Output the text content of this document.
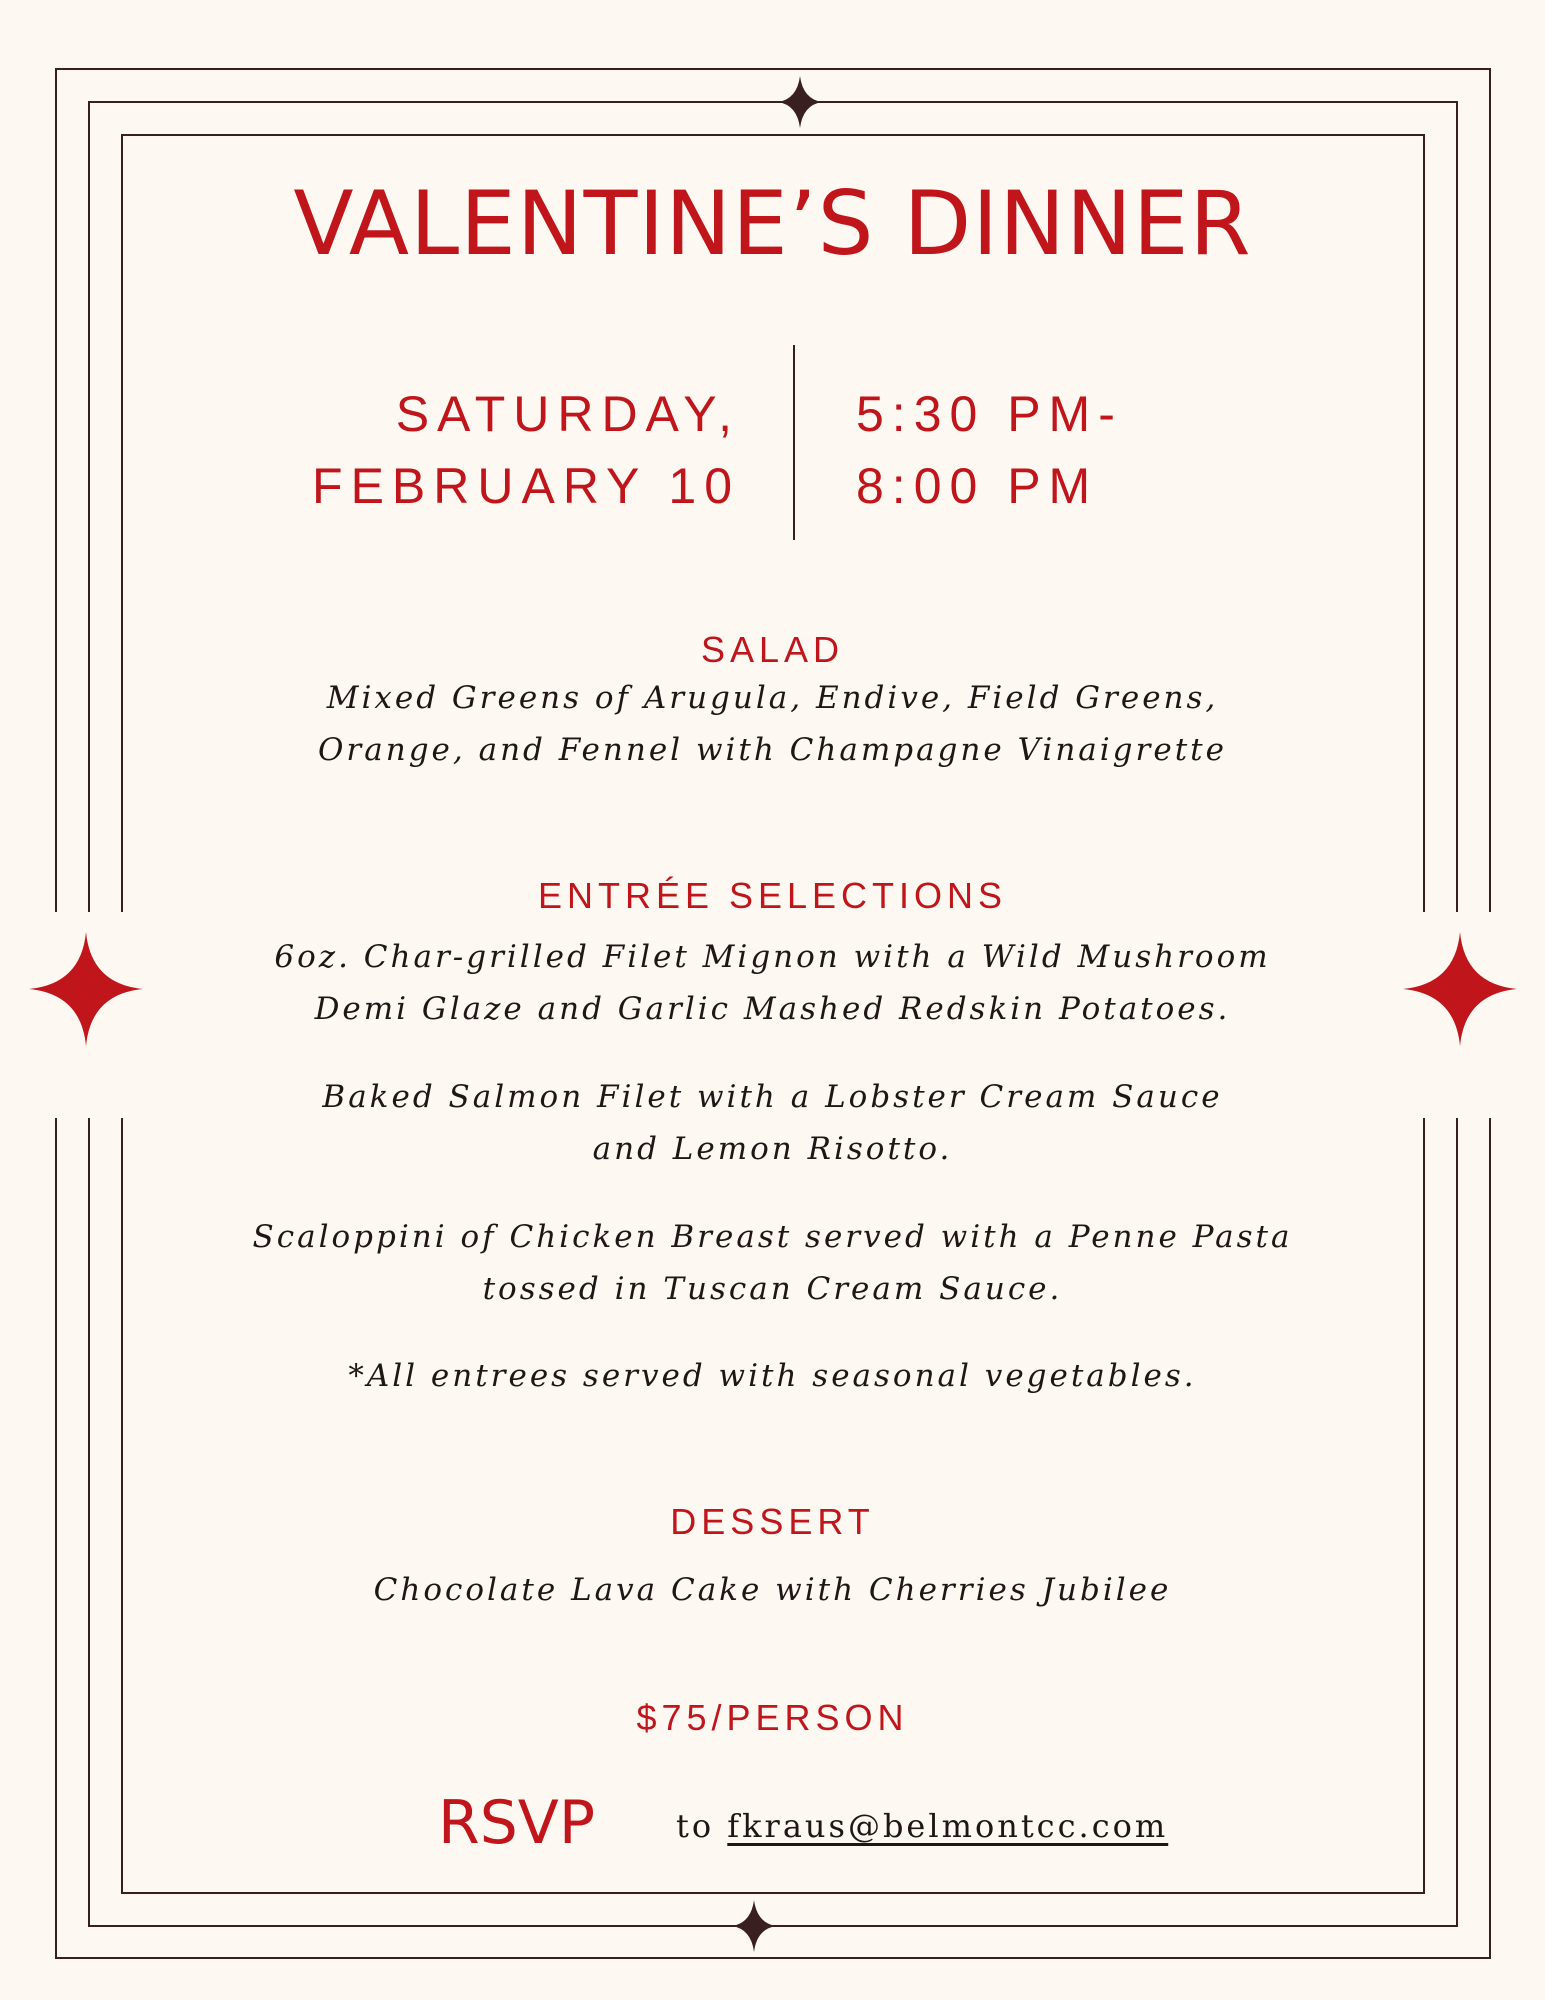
VALENTINE’S DINNER
SATURDAY,
FEBRUARY 10
5:30 PM-
8:00 PM
SALAD
Mixed Greens of Arugula, Endive, Field Greens,
Orange, and Fennel with Champagne Vinaigrette
ENTRÉE SELECTIONS
6oz. Char-grilled Filet Mignon with a Wild Mushroom
Demi Glaze and Garlic Mashed Redskin Potatoes.
Baked Salmon Filet with a Lobster Cream Sauce
and Lemon Risotto.
Scaloppini of Chicken Breast served with a Penne Pasta
tossed in Tuscan Cream Sauce.
*All entrees served with seasonal vegetables.
DESSERT
Chocolate Lava Cake with Cherries Jubilee
$75/PERSON
RSVP	to fkraus@belmontcc.com
